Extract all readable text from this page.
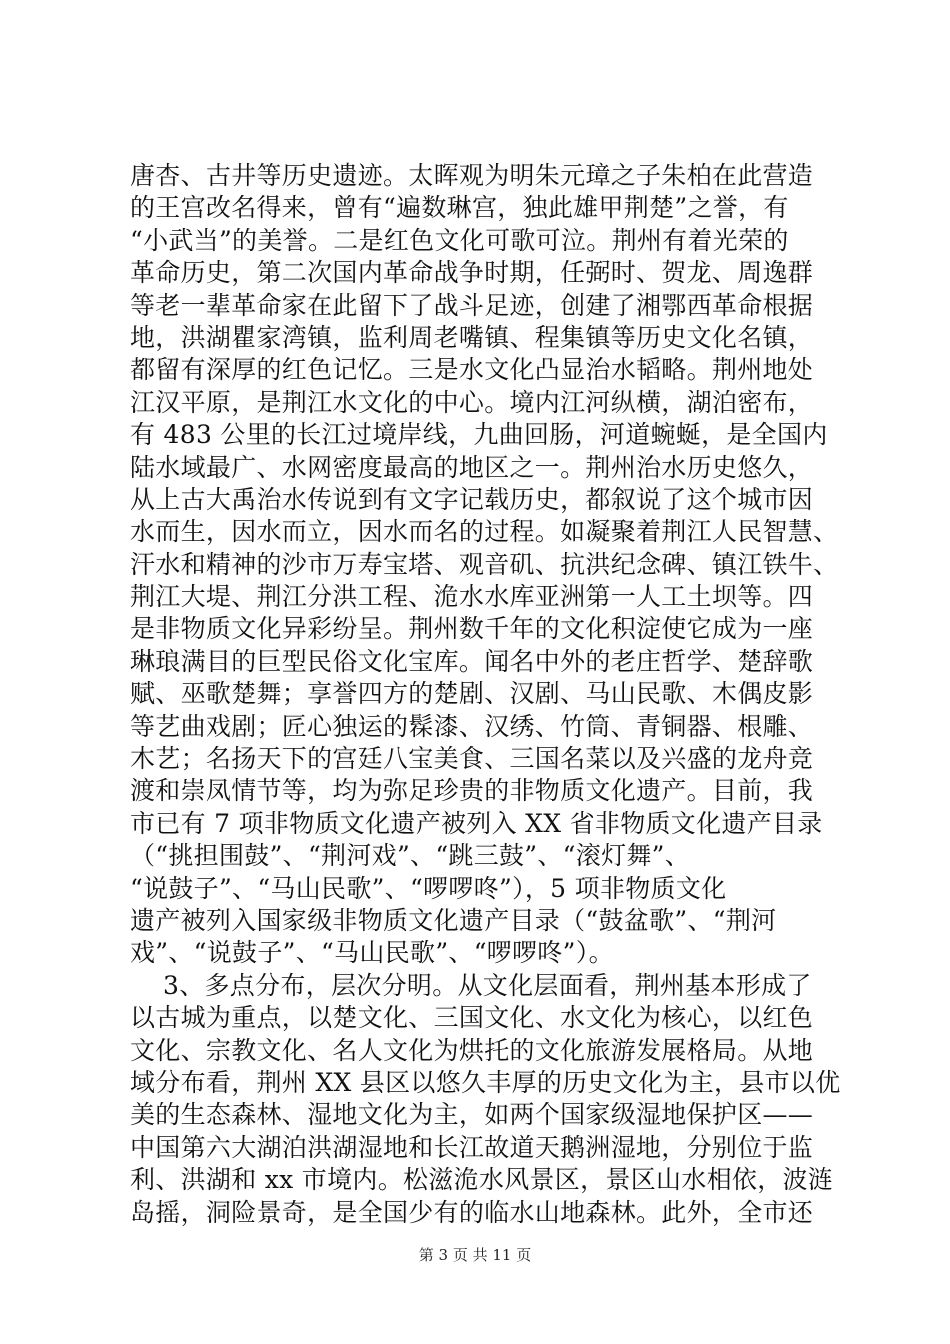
唐杏、古井等历史遗迹。太晖观为明朱元璋之子朱柏在此营造
的王宫改名得来，曾有“遍数琳宫，独此雄甲荆楚”之誉，有
“小武当”的美誉。二是红色文化可歌可泣。荆州有着光荣的
革命历史，第二次国内革命战争时期，任弼时、贺龙、周逸群
等老一辈革命家在此留下了战斗足迹，创建了湘鄂西革命根据
地，洪湖瞿家湾镇，监利周老嘴镇、程集镇等历史文化名镇，
都留有深厚的红色记忆。三是水文化凸显治水韬略。荆州地处
江汉平原，是荆江水文化的中心。境内江河纵横，湖泊密布，
有 483 公里的长江过境岸线，九曲回肠，河道蜿蜒，是全国内
陆水域最广、水网密度最高的地区之一。荆州治水历史悠久，
从上古大禹治水传说到有文字记载历史，都叙说了这个城市因
水而生，因水而立，因水而名的过程。如凝聚着荆江人民智慧、
汗水和精神的沙市万寿宝塔、观音矶、抗洪纪念碑、镇江铁牛、
荆江大堤、荆江分洪工程、洈水水库亚洲第一人工土坝等。四
是非物质文化异彩纷呈。荆州数千年的文化积淀使它成为一座
琳琅满目的巨型民俗文化宝库。闻名中外的老庄哲学、楚辞歌
赋、巫歌楚舞；享誉四方的楚剧、汉剧、马山民歌、木偶皮影
等艺曲戏剧；匠心独运的髹漆、汉绣、竹筒、青铜器、根雕、
木艺；名扬天下的宫廷八宝美食、三国名菜以及兴盛的龙舟竞
渡和崇凤情节等，均为弥足珍贵的非物质文化遗产。目前，我
市已有 7 项非物质文化遗产被列入 XX 省非物质文化遗产目录
（“挑担围鼓”、“荆河戏”、“跳三鼓”、“滚灯舞”、
“说鼓子”、“马山民歌”、“啰啰咚”），5 项非物质文化
遗产被列入国家级非物质文化遗产目录（“鼓盆歌”、“荆河
戏”、“说鼓子”、“马山民歌”、“啰啰咚”）。
3、多点分布，层次分明。从文化层面看，荆州基本形成了
以古城为重点，以楚文化、三国文化、水文化为核心，以红色
文化、宗教文化、名人文化为烘托的文化旅游发展格局。从地
域分布看，荆州 XX 县区以悠久丰厚的历史文化为主，县市以优
美的生态森林、湿地文化为主，如两个国家级湿地保护区——
中国第六大湖泊洪湖湿地和长江故道天鹅洲湿地，分别位于监
利、洪湖和 xx 市境内。松滋洈水风景区，景区山水相依，波涟
岛摇，洞险景奇，是全国少有的临水山地森林。此外，全市还
第 3 页 共 11 页
